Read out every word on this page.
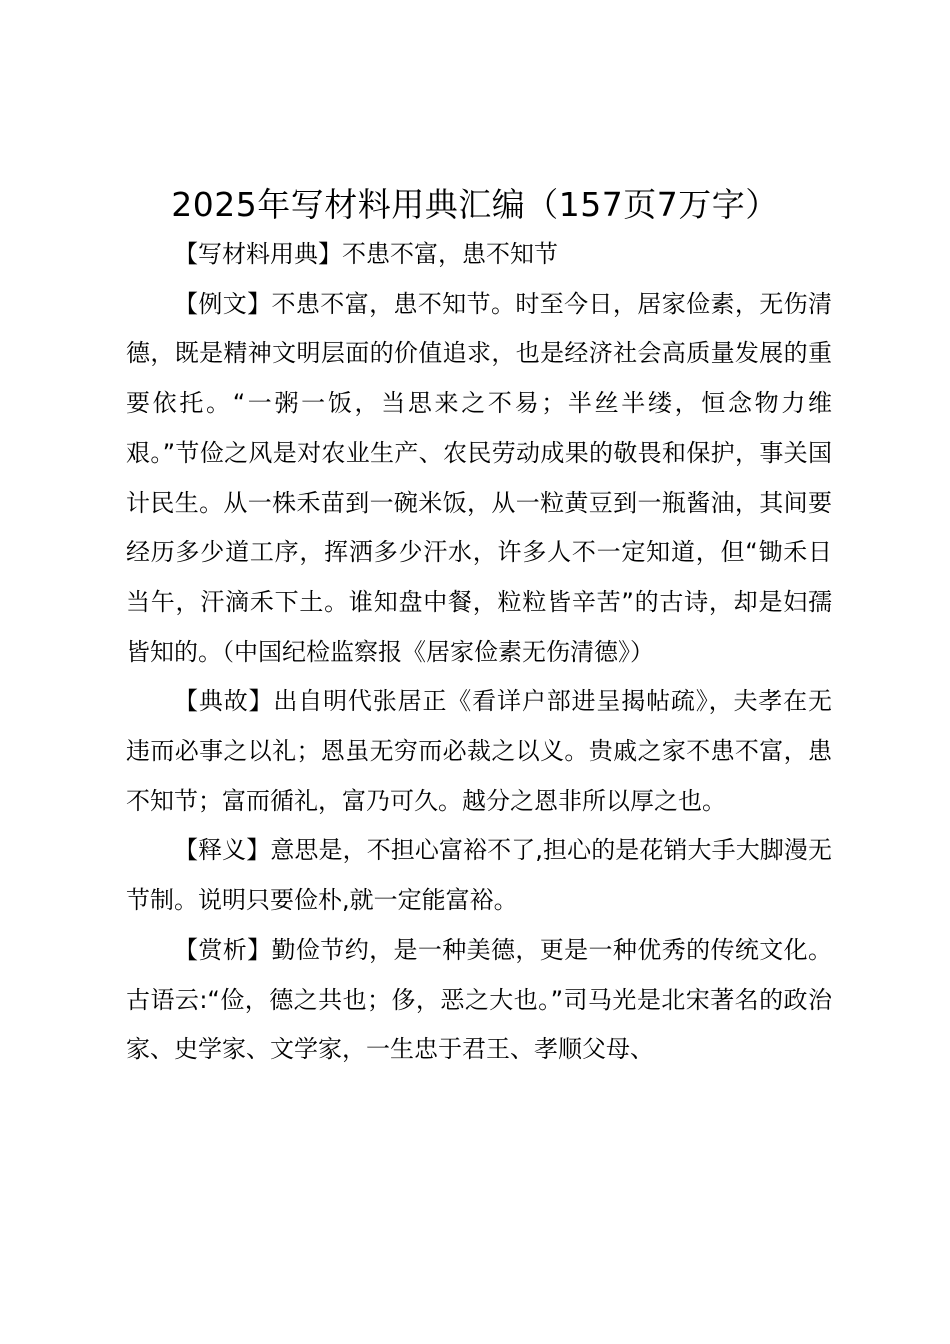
2025年写材料用典汇编（157页7万字）

【写材料用典】不患不富，患不知节

【例文】不患不富，患不知节。时至今日，居家俭素，无伤清德，既是精神文明层面的价值追求，也是经济社会高质量发展的重要依托。“一粥一饭，当思来之不易；半丝半缕，恒念物力维艰。”节俭之风是对农业生产、农民劳动成果的敬畏和保护，事关国计民生。从一株禾苗到一碗米饭，从一粒黄豆到一瓶酱油，其间要经历多少道工序，挥洒多少汗水，许多人不一定知道，但“锄禾日当午，汗滴禾下土。谁知盘中餐，粒粒皆辛苦”的古诗，却是妇孺皆知的。（中国纪检监察报《居家俭素无伤清德》）

【典故】出自明代张居正《看详户部进呈揭帖疏》，夫孝在无违而必事之以礼；恩虽无穷而必裁之以义。贵戚之家不患不富，患不知节；富而循礼，富乃可久。越分之恩非所以厚之也。

【释义】意思是，不担心富裕不了,担心的是花销大手大脚漫无节制。说明只要俭朴,就一定能富裕。

【赏析】勤俭节约，是一种美德，更是一种优秀的传统文化。古语云:“俭，德之共也；侈，恶之大也。”司马光是北宋著名的政治家、史学家、文学家，一生忠于君王、孝顺父母、
